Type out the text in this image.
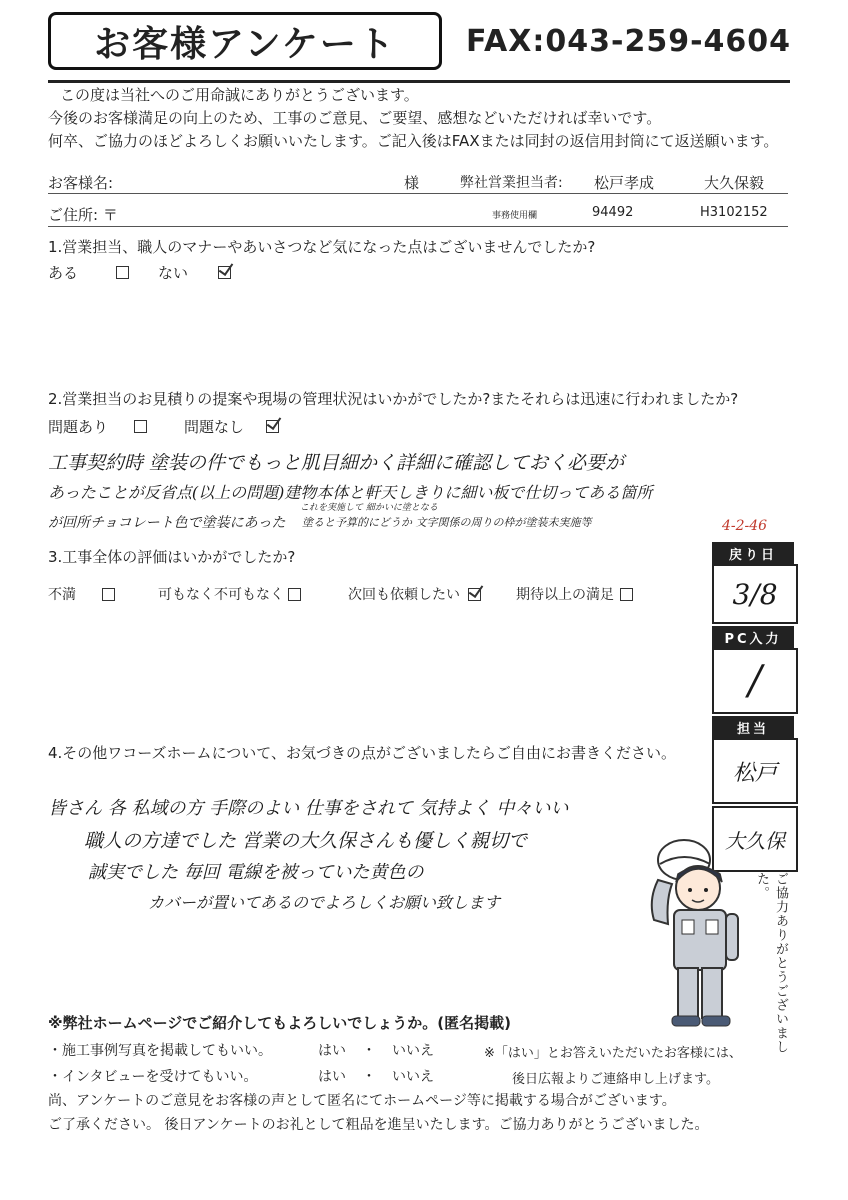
お客様アンケート	FAX:043-259-4604
この度は当社へのご用命誠にありがとうございます。
今後のお客様満足の向上のため、工事のご意見、ご要望、感想などいただければ幸いです。
何卒、ご協力のほどよろしくお願いいたします。ご記入後はFAXまたは同封の返信用封筒にて返送願います。
お客様名:	様	弊社営業担当者: 松戸孝成	大久保毅
ご住所: 〒	事務使用欄	94492	H3102152
1.営業担当、職人のマナーやあいさつなど気になった点はございませんでしたか?
ある	ない
2.営業担当のお見積りの提案や現場の管理状況はいかがでしたか?またそれらは迅速に行われましたか?
問題あり	問題なし
工事契約時 塗装の件でもっと肌目細かく詳細に確認しておく必要が
あったことが反省点(以上の問題)建物本体と軒天しきりに細い板で仕切ってある箇所
が回所チョコレート色で塗装にあった
これを実施して 細かいに塗となる
塗ると予算的にどうか 文字関係の周りの枠が塗装未実施等
3.工事全体の評価はいかがでしたか?
不満	可もなく不可もなく	次回も依頼したい	期待以上の満足
4-2-46
戻り日
3/8
PC入力
/
担当
松戸
大久保
4.その他ワコーズホームについて、お気づきの点がございましたらご自由にお書きください。
皆さん 各 私域の方 手際のよい 仕事をされて 気持よく 中々いい
職人の方達でした 営業の大久保さんも優しく親切で
誠実でした 毎回 電線を被っていた黄色の
カバーが置いてあるのでよろしくお願い致します	ご協力ありがとうございました。
※弊社ホームページでご紹介してもよろしいでしょうか。(匿名掲載)
・施工事例写真を掲載してもいい。	はい ・ いいえ	※「はい」とお答えいただいたお客様には、
・インタビューを受けてもいい。	はい ・ いいえ	後日広報よりご連絡申し上げます。
尚、アンケートのご意見をお客様の声として匿名にてホームページ等に掲載する場合がございます。
ご了承ください。 後日アンケートのお礼として粗品を進呈いたします。ご協力ありがとうございました。
